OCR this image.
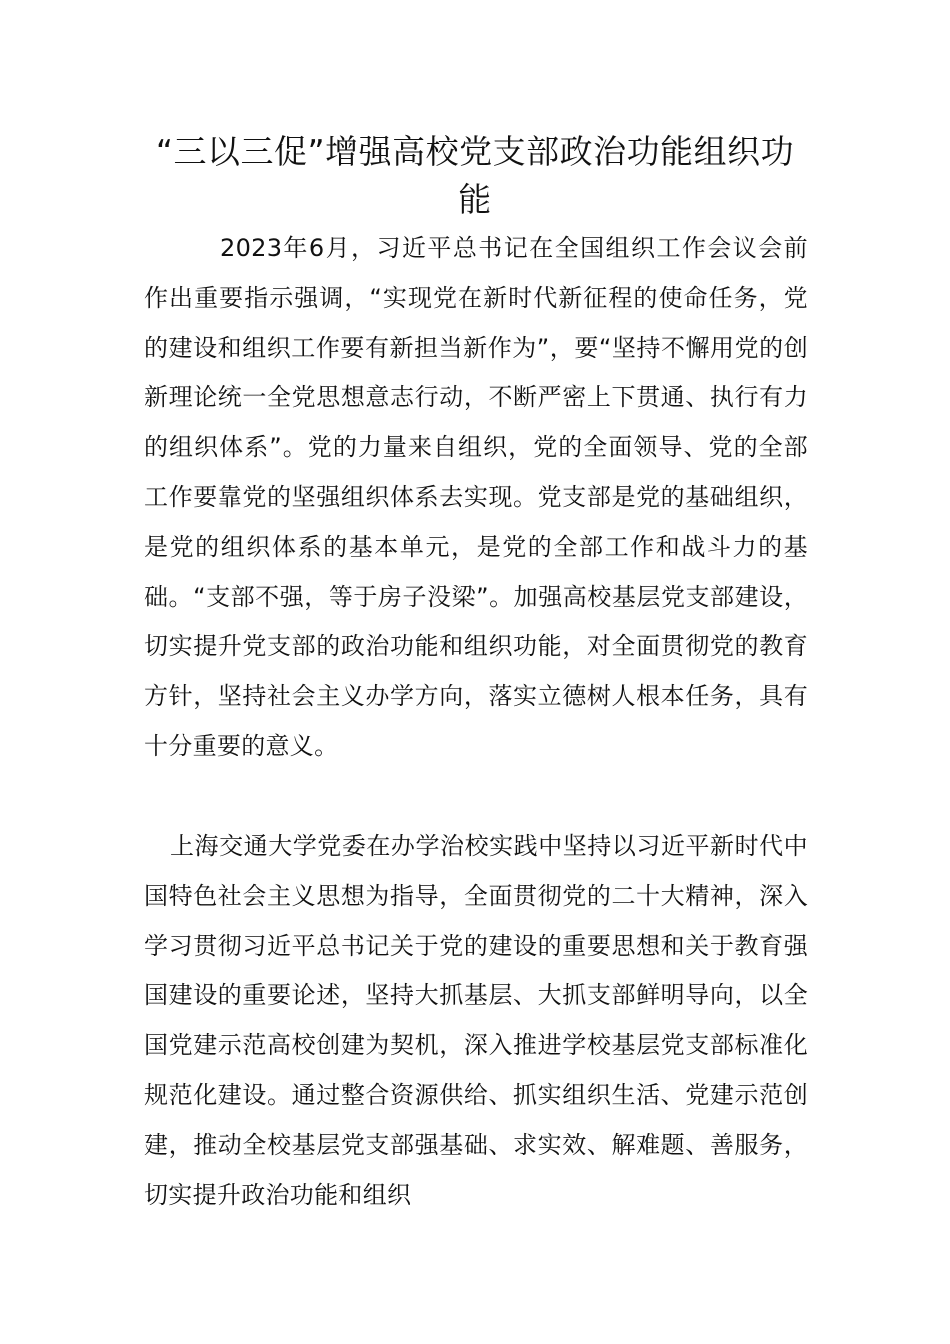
“三以三促”增强高校党支部政治功能组织功能

2023年6月，习近平总书记在全国组织工作会议会前作出重要指示强调，“实现党在新时代新征程的使命任务，党的建设和组织工作要有新担当新作为”，要“坚持不懈用党的创新理论统一全党思想意志行动，不断严密上下贯通、执行有力的组织体系”。党的力量来自组织，党的全面领导、党的全部工作要靠党的坚强组织体系去实现。党支部是党的基础组织，是党的组织体系的基本单元，是党的全部工作和战斗力的基础。“支部不强，等于房子没梁”。加强高校基层党支部建设，切实提升党支部的政治功能和组织功能，对全面贯彻党的教育方针，坚持社会主义办学方向，落实立德树人根本任务，具有十分重要的意义。

上海交通大学党委在办学治校实践中坚持以习近平新时代中国特色社会主义思想为指导，全面贯彻党的二十大精神，深入学习贯彻习近平总书记关于党的建设的重要思想和关于教育强国建设的重要论述，坚持大抓基层、大抓支部鲜明导向，以全国党建示范高校创建为契机，深入推进学校基层党支部标准化规范化建设。通过整合资源供给、抓实组织生活、党建示范创建，推动全校基层党支部强基础、求实效、解难题、善服务，切实提升政治功能和组织
